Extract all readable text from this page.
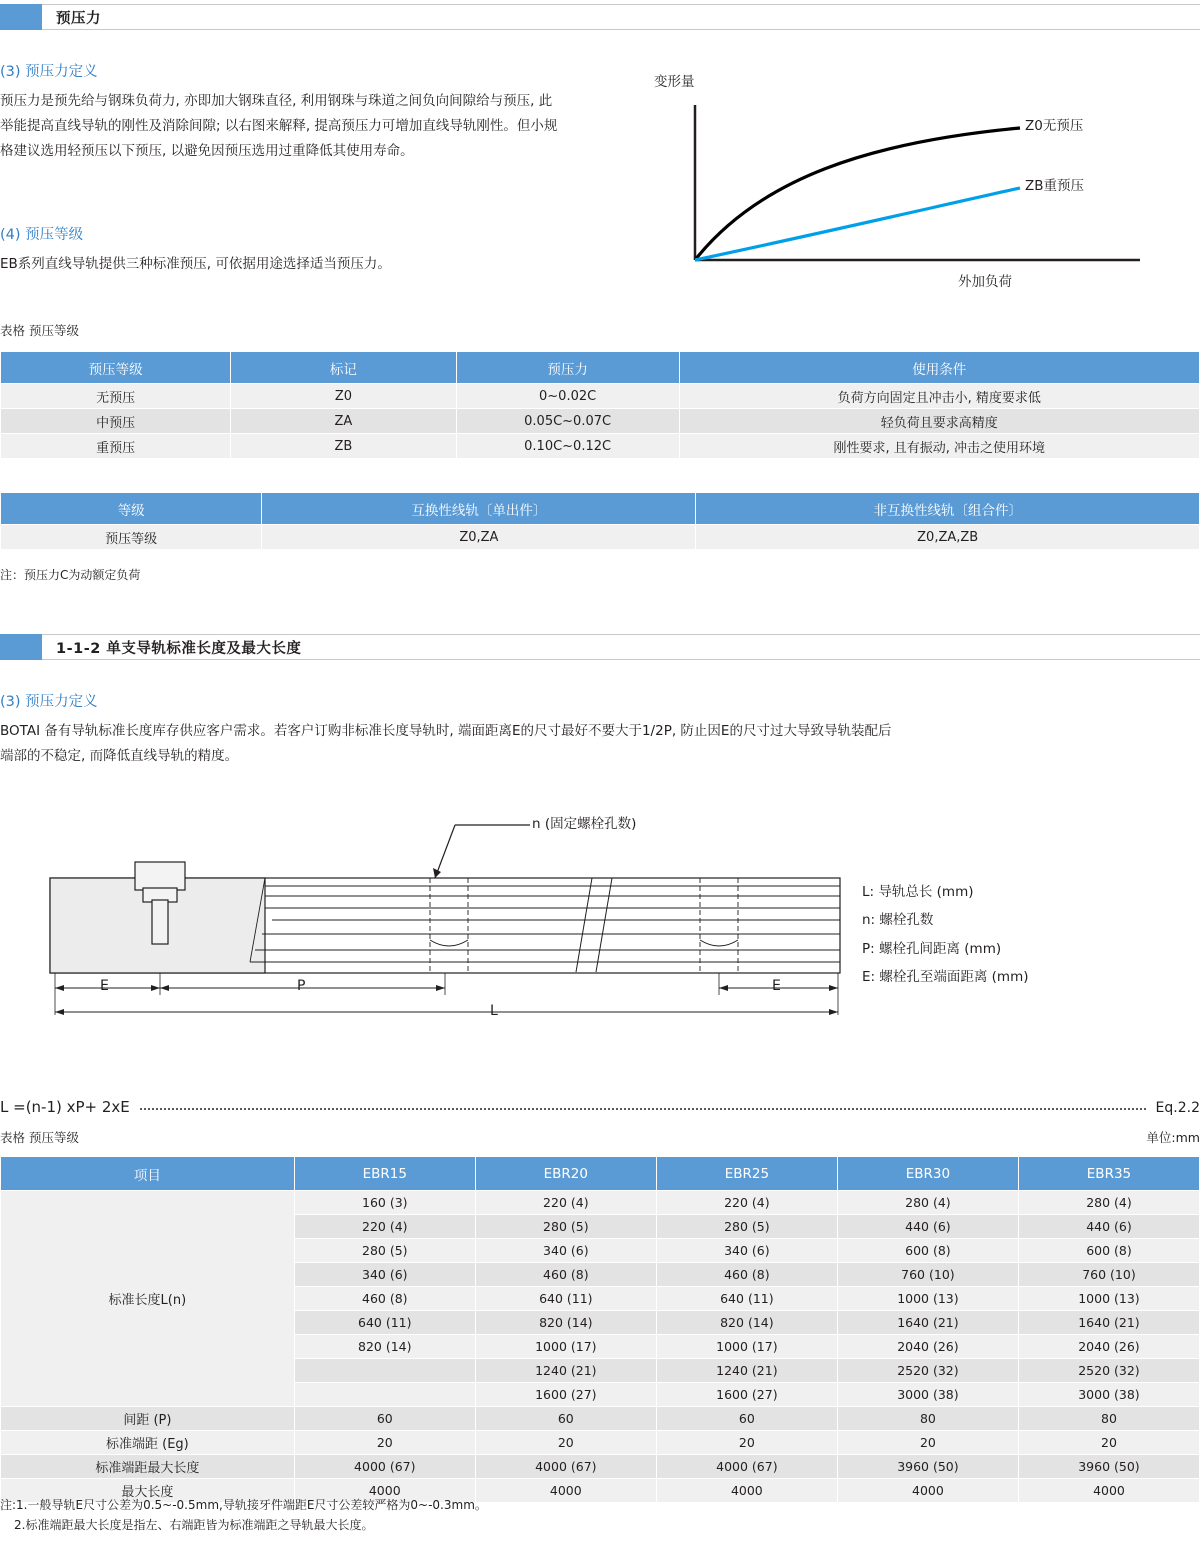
预压力
(3) 预压力定义
预压力是预先给与钢珠负荷力, 亦即加大钢珠直径, 利用钢珠与珠道之间负向间隙给与预压, 此举能提高直线导轨的刚性及消除间隙; 以右图来解释, 提高预压力可增加直线导轨刚性。但小规格建议选用轻预压以下预压, 以避免因预压选用过重降低其使用寿命。
(4) 预压等级
EB系列直线导轨提供三种标准预压, 可依据用途选择适当预压力。
变形量
Z0无预压
ZB重预压
外加负荷
表格 预压等级
预压等级	标记	预压力	使用条件
无预压	Z0	0~0.02C	负荷方向固定且冲击小, 精度要求低
中预压	ZA	0.05C~0.07C	轻负荷且要求高精度
重预压	ZB	0.10C~0.12C	刚性要求, 且有振动, 冲击之使用环境
等级	互换性线轨〔单出件〕	非互换性线轨〔组合件〕
预压等级	Z0,ZA	Z0,ZA,ZB
注：预压力C为动额定负荷
1-1-2 单支导轨标准长度及最大长度
(3) 预压力定义
BOTAI 备有导轨标准长度库存供应客户需求。若客户订购非标准长度导轨时, 端面距离E的尺寸最好不要大于1/2P, 防止因E的尺寸过大导致导轨装配后端部的不稳定, 而降低直线导轨的精度。
n (固定螺栓孔数)
E	P	E
L
L: 导轨总长 (mm)
n: 螺栓孔数
P: 螺栓孔间距离 (mm)
E: 螺栓孔至端面距离 (mm)
L =(n-1) xP+ 2xE	Eq.2.2
表格 预压等级	单位:mm
项目	EBR15	EBR20	EBR25	EBR30	EBR35
标准长度L(n)	160 (3)	220 (4)	220 (4)	280 (4)	280 (4)
	220 (4)	280 (5)	280 (5)	440 (6)	440 (6)
	280 (5)	340 (6)	340 (6)	600 (8)	600 (8)
	340 (6)	460 (8)	460 (8)	760 (10)	760 (10)
	460 (8)	640 (11)	640 (11)	1000 (13)	1000 (13)
	640 (11)	820 (14)	820 (14)	1640 (21)	1640 (21)
	820 (14)	1000 (17)	1000 (17)	2040 (26)	2040 (26)
		1240 (21)	1240 (21)	2520 (32)	2520 (32)
		1600 (27)	1600 (27)	3000 (38)	3000 (38)
间距 (P)	60	60	60	80	80
标准端距 (Eg)	20	20	20	20	20
标准端距最大长度	4000 (67)	4000 (67)	4000 (67)	3960 (50)	3960 (50)
最大长度	4000	4000	4000	4000	4000
注:1.一般导轨E尺寸公差为0.5~-0.5mm,导轨接牙件端距E尺寸公差较严格为0~-0.3mm。
2.标准端距最大长度是指左、右端距皆为标准端距之导轨最大长度。
